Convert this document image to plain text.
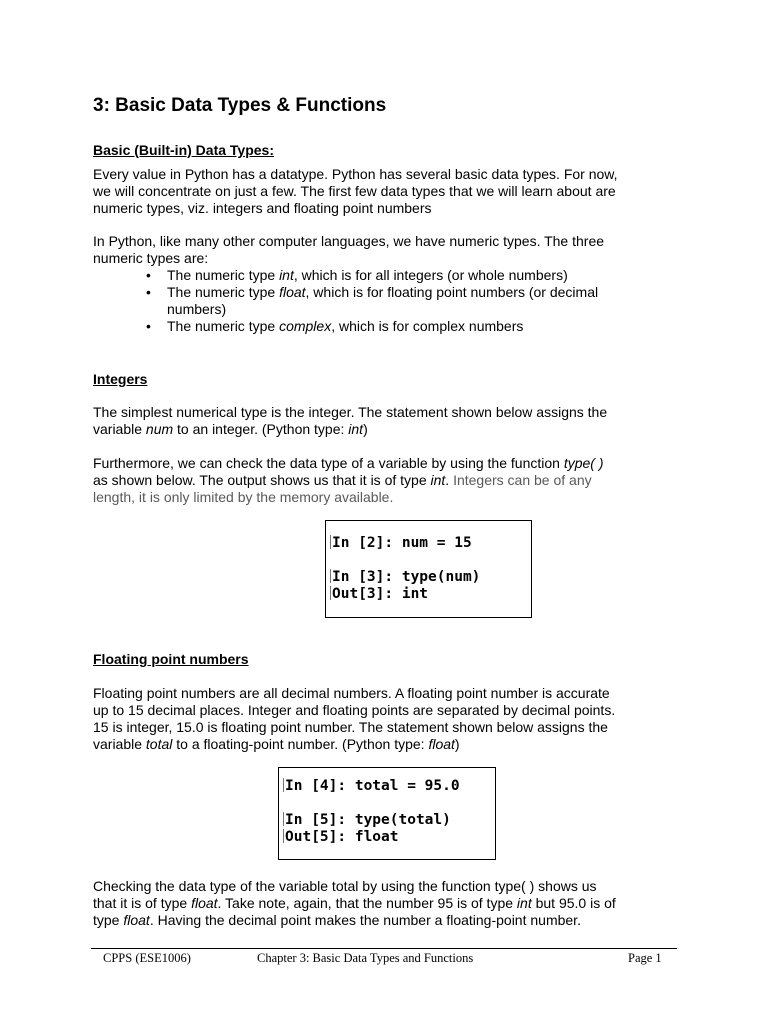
3: Basic Data Types & Functions
Basic (Built-in) Data Types:

Every value in Python has a datatype. Python has several basic data types. For now,
we will concentrate on just a few. The first few data types that we will learn about are
numeric types, viz. integers and floating point numbers

In Python, like many other computer languages, we have numeric types. The three
numeric types are:

• The numeric type int, which is for all integers (or whole numbers)
• The numeric type float, which is for floating point numbers (or decimal
numbers)
• The numeric type complex, which is for complex numbers
Integers

The simplest numerical type is the integer. The statement shown below assigns the
variable num to an integer. (Python type: int)

Furthermore, we can check the data type of a variable by using the function type( )
as shown below. The output shows us that it is of type int. Integers can be of any
length, it is only limited by the memory available.

In [2]: num = 15
In [3]: type(num)
Out[3]: int
Floating point numbers

Floating point numbers are all decimal numbers. A floating point number is accurate
up to 15 decimal places. Integer and floating points are separated by decimal points.
15 is integer, 15.0 is floating point number. The statement shown below assigns the
variable total to a floating-point number. (Python type: float)

In [4]: total = 95.0
In [5]: type(total)
Out[5]: float

Checking the data type of the variable total by using the function type( ) shows us
that it is of type float. Take note, again, that the number 95 is of type int but 95.0 is of
type float. Having the decimal point makes the number a floating-point number.

CPPS (ESE1006)	Chapter 3: Basic Data Types and Functions	Page 1
